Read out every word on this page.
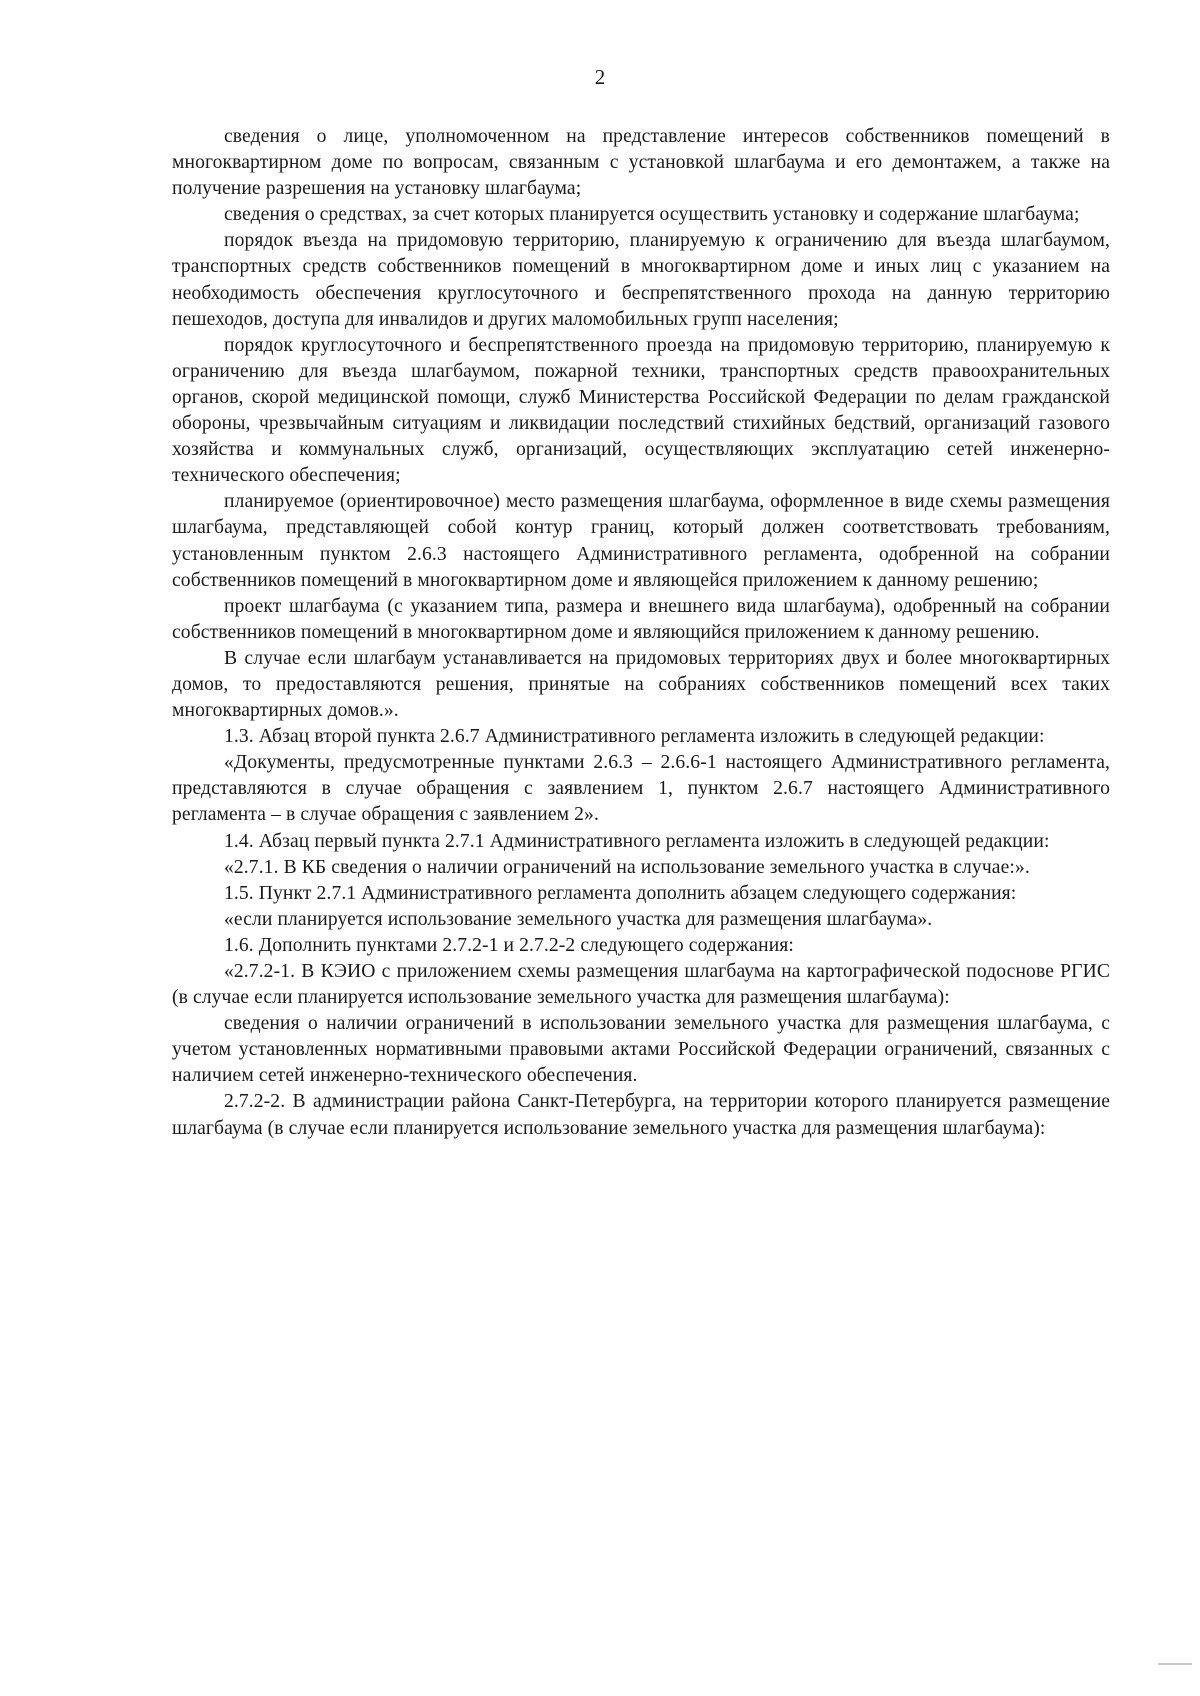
2

сведения о лице, уполномоченном на представление интересов собственников помещений в многоквартирном доме по вопросам, связанным с установкой шлагбаума и его демонтажем, а также на получение разрешения на установку шлагбаума;

сведения о средствах, за счет которых планируется осуществить установку и содержание шлагбаума;

порядок въезда на придомовую территорию, планируемую к ограничению для въезда шлагбаумом, транспортных средств собственников помещений в многоквартирном доме и иных лиц с указанием на необходимость обеспечения круглосуточного и беспрепятственного прохода на данную территорию пешеходов, доступа для инвалидов и других маломобильных групп населения;

порядок круглосуточного и беспрепятственного проезда на придомовую территорию, планируемую к ограничению для въезда шлагбаумом, пожарной техники, транспортных средств правоохранительных органов, скорой медицинской помощи, служб Министерства Российской Федерации по делам гражданской обороны, чрезвычайным ситуациям и ликвидации последствий стихийных бедствий, организаций газового хозяйства и коммунальных служб, организаций, осуществляющих эксплуатацию сетей инженерно-технического обеспечения;

планируемое (ориентировочное) место размещения шлагбаума, оформленное в виде схемы размещения шлагбаума, представляющей собой контур границ, который должен соответствовать требованиям, установленным пунктом 2.6.3 настоящего Административного регламента, одобренной на собрании собственников помещений в многоквартирном доме и являющейся приложением к данному решению;

проект шлагбаума (с указанием типа, размера и внешнего вида шлагбаума), одобренный на собрании собственников помещений в многоквартирном доме и являющийся приложением к данному решению.

В случае если шлагбаум устанавливается на придомовых территориях двух и более многоквартирных домов, то предоставляются решения, принятые на собраниях собственников помещений всех таких многоквартирных домов.».

1.3. Абзац второй пункта 2.6.7 Административного регламента изложить в следующей редакции:

«Документы, предусмотренные пунктами 2.6.3 – 2.6.6-1 настоящего Административного регламента, представляются в случае обращения с заявлением 1, пунктом 2.6.7 настоящего Административного регламента – в случае обращения с заявлением 2».

1.4. Абзац первый пункта 2.7.1 Административного регламента изложить в следующей редакции:

«2.7.1. В КБ сведения о наличии ограничений на использование земельного участка в случае:».

1.5. Пункт 2.7.1 Административного регламента дополнить абзацем следующего содержания:

«если планируется использование земельного участка для размещения шлагбаума».

1.6. Дополнить пунктами 2.7.2-1 и 2.7.2-2 следующего содержания:

«2.7.2-1. В КЭИО с приложением схемы размещения шлагбаума на картографической подоснове РГИС (в случае если планируется использование земельного участка для размещения шлагбаума):

сведения о наличии ограничений в использовании земельного участка для размещения шлагбаума, с учетом установленных нормативными правовыми актами Российской Федерации ограничений, связанных с наличием сетей инженерно-технического обеспечения.

2.7.2-2. В администрации района Санкт-Петербурга, на территории которого планируется размещение шлагбаума (в случае если планируется использование земельного участка для размещения шлагбаума):
